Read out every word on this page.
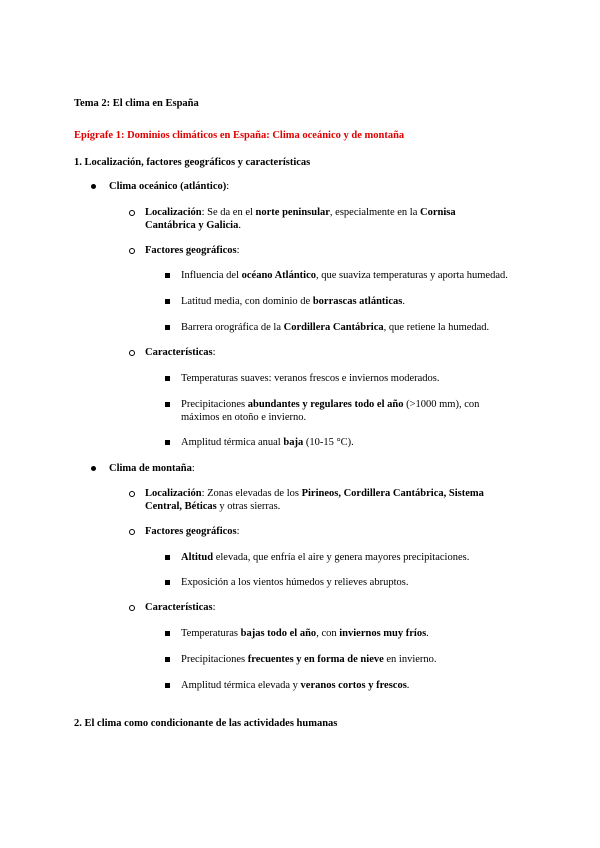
Tema 2: El clima en España
Epígrafe 1: Dominios climáticos en España: Clima oceánico y de montaña
1. Localización, factores geográficos y características
Clima oceánico (atlántico):
Localización: Se da en el norte peninsular, especialmente en la Cornisa
Cantábrica y Galicia.
Factores geográficos:
Influencia del océano Atlántico, que suaviza temperaturas y aporta humedad.
Latitud media, con dominio de borrascas atlánticas.
Barrera orográfica de la Cordillera Cantábrica, que retiene la humedad.
Características:
Temperaturas suaves: veranos frescos e inviernos moderados.
Precipitaciones abundantes y regulares todo el año (>1000 mm), con
máximos en otoño e invierno.
Amplitud térmica anual baja (10-15 °C).
Clima de montaña:
Localización: Zonas elevadas de los Pirineos, Cordillera Cantábrica, Sistema
Central, Béticas y otras sierras.
Factores geográficos:
Altitud elevada, que enfría el aire y genera mayores precipitaciones.
Exposición a los vientos húmedos y relieves abruptos.
Características:
Temperaturas bajas todo el año, con inviernos muy fríos.
Precipitaciones frecuentes y en forma de nieve en invierno.
Amplitud térmica elevada y veranos cortos y frescos.
2. El clima como condicionante de las actividades humanas
